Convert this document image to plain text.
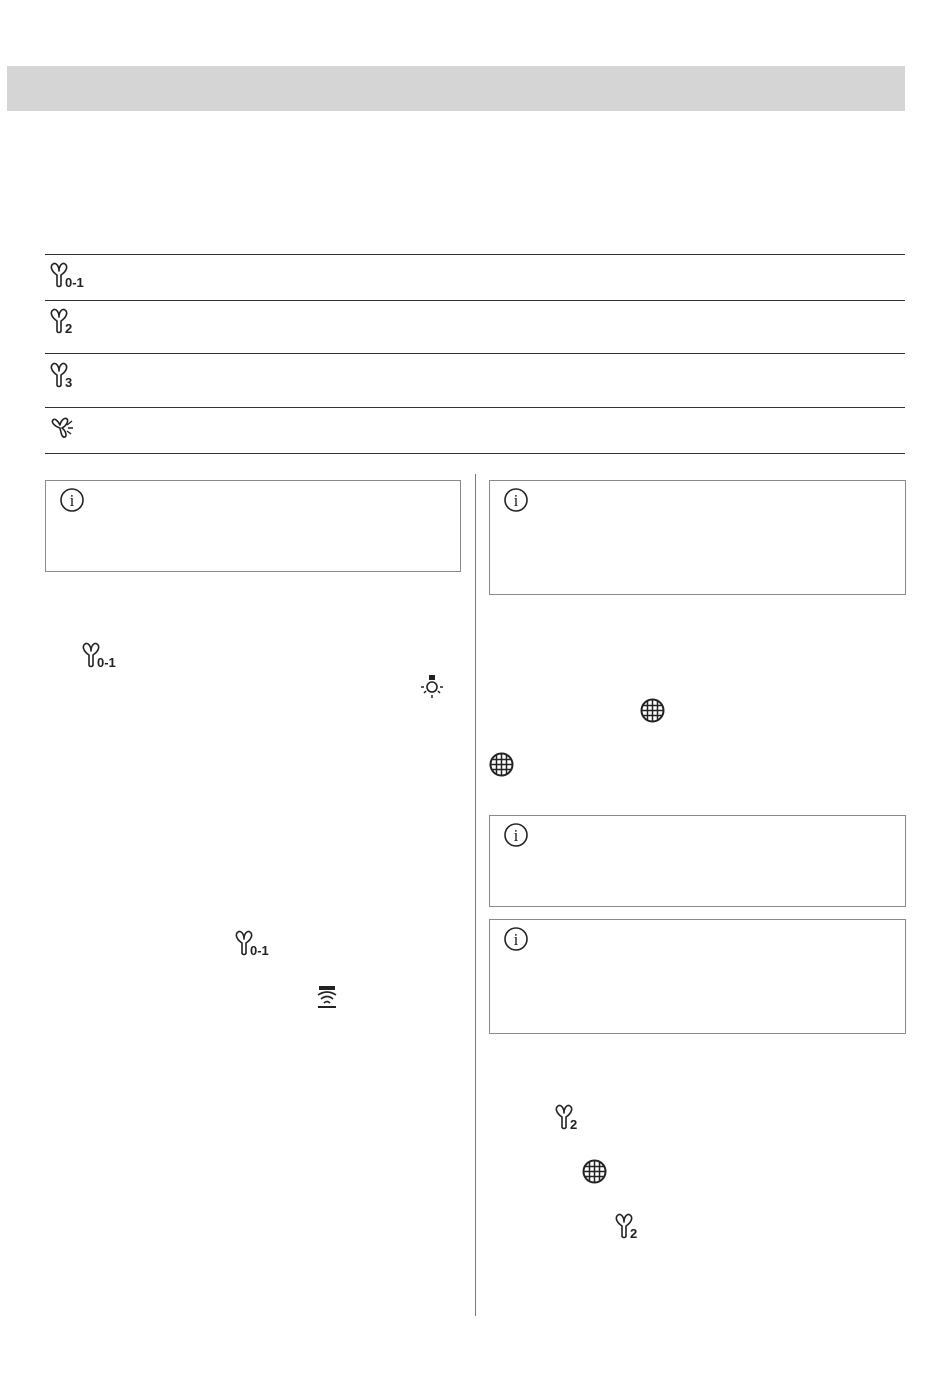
0-1
2
3
i
0-1
0-1
i
i
i
2
2
